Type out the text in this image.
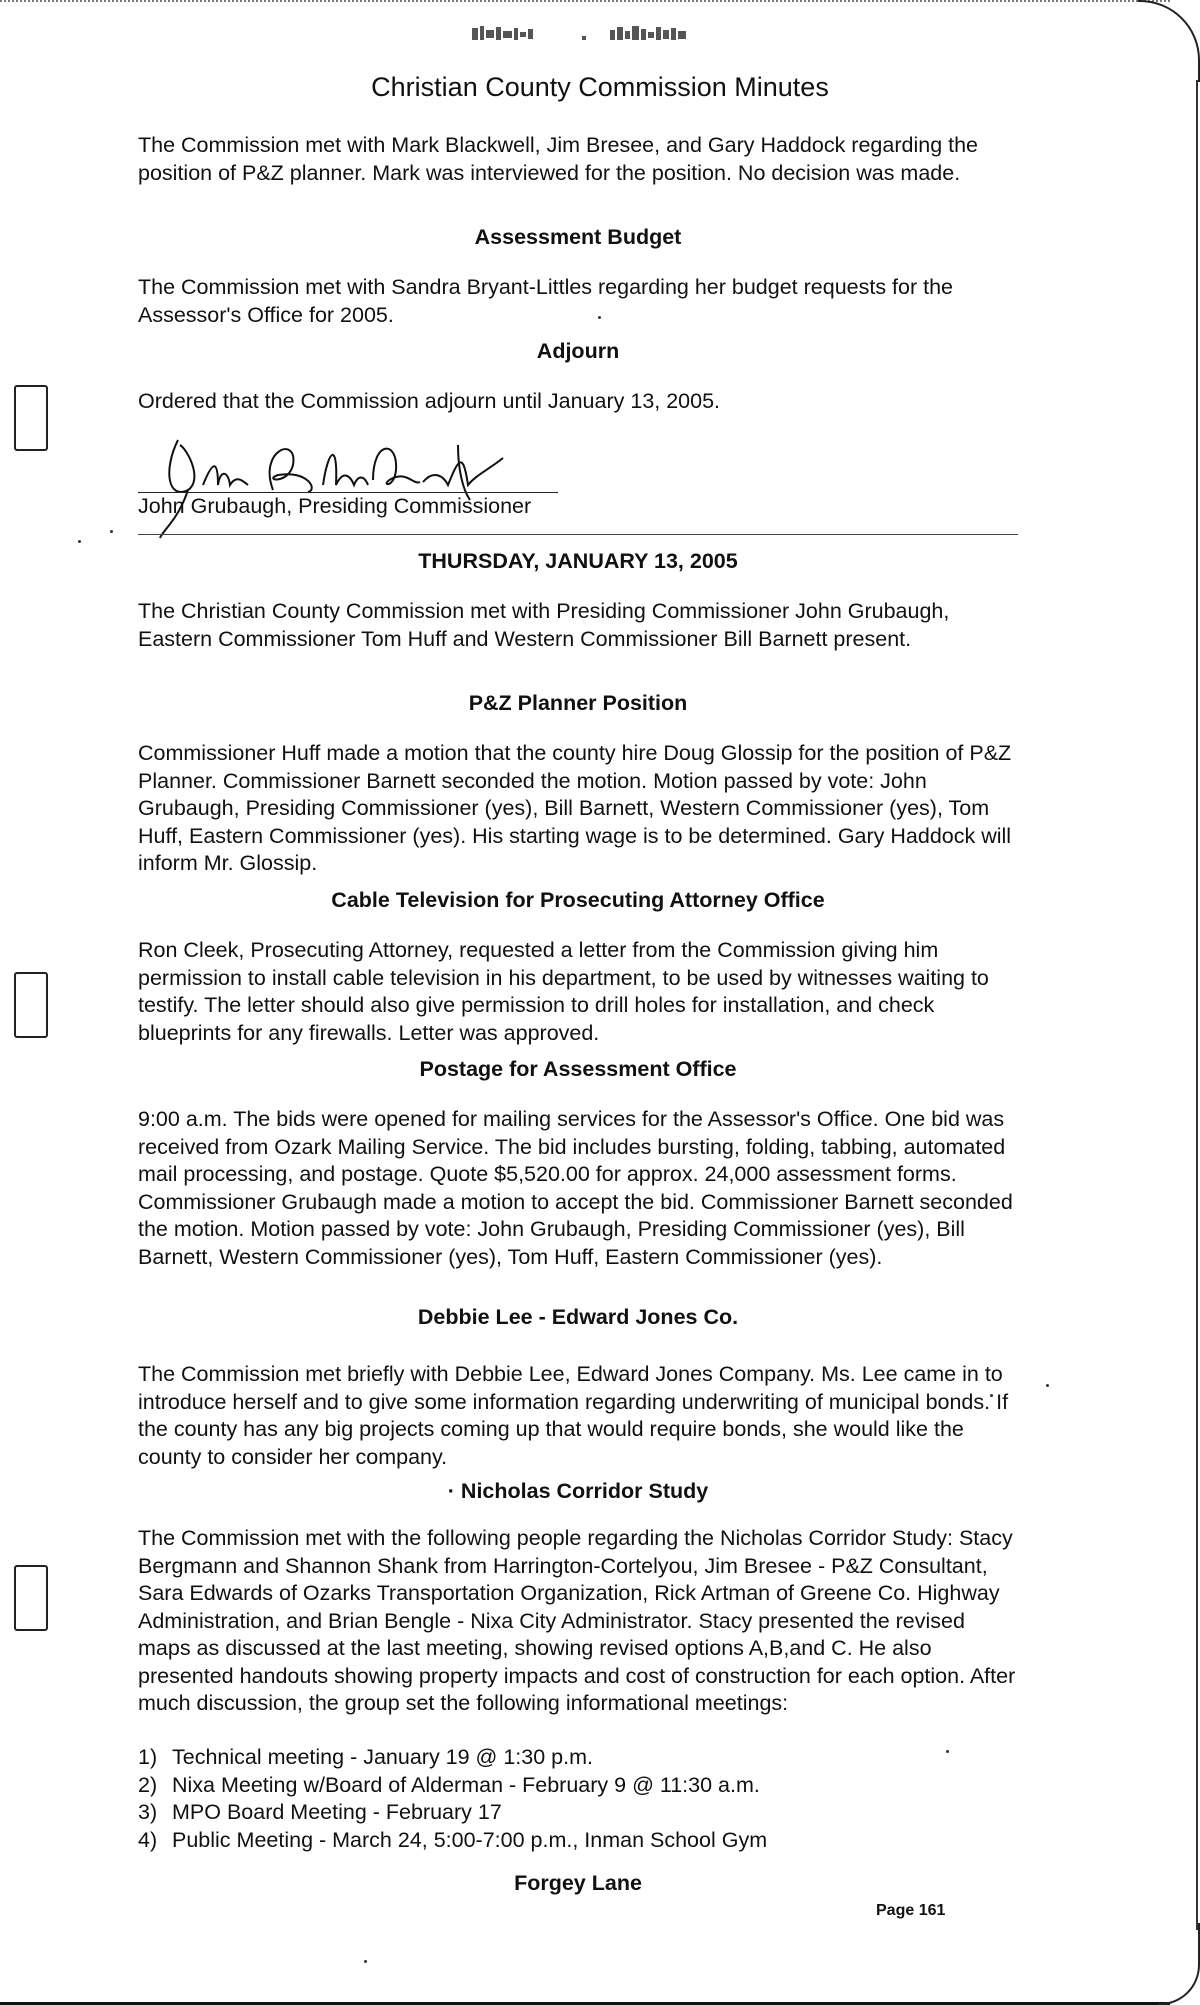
Christian County Commission Minutes

The Commission met with Mark Blackwell, Jim Bresee, and Gary Haddock regarding the position of P&Z planner. Mark was interviewed for the position. No decision was made.

Assessment Budget

The Commission met with Sandra Bryant-Littles regarding her budget requests for the Assessor's Office for 2005.

Adjourn

Ordered that the Commission adjourn until January 13, 2005.

John Grubaugh, Presiding Commissioner
THURSDAY, JANUARY 13, 2005

The Christian County Commission met with Presiding Commissioner John Grubaugh, Eastern Commissioner Tom Huff and Western Commissioner Bill Barnett present.

P&Z Planner Position

Commissioner Huff made a motion that the county hire Doug Glossip for the position of P&Z Planner. Commissioner Barnett seconded the motion. Motion passed by vote: John Grubaugh, Presiding Commissioner (yes), Bill Barnett, Western Commissioner (yes), Tom Huff, Eastern Commissioner (yes). His starting wage is to be determined. Gary Haddock will inform Mr. Glossip.

Cable Television for Prosecuting Attorney Office

Ron Cleek, Prosecuting Attorney, requested a letter from the Commission giving him permission to install cable television in his department, to be used by witnesses waiting to testify. The letter should also give permission to drill holes for installation, and check blueprints for any firewalls. Letter was approved.

Postage for Assessment Office

9:00 a.m. The bids were opened for mailing services for the Assessor's Office. One bid was received from Ozark Mailing Service. The bid includes bursting, folding, tabbing, automated mail processing, and postage. Quote $5,520.00 for approx. 24,000 assessment forms. Commissioner Grubaugh made a motion to accept the bid. Commissioner Barnett seconded the motion. Motion passed by vote: John Grubaugh, Presiding Commissioner (yes), Bill Barnett, Western Commissioner (yes), Tom Huff, Eastern Commissioner (yes).

Debbie Lee - Edward Jones Co.

The Commission met briefly with Debbie Lee, Edward Jones Company. Ms. Lee came in to introduce herself and to give some information regarding underwriting of municipal bonds. If the county has any big projects coming up that would require bonds, she would like the county to consider her company.

· Nicholas Corridor Study

The Commission met with the following people regarding the Nicholas Corridor Study: Stacy Bergmann and Shannon Shank from Harrington-Cortelyou, Jim Bresee - P&Z Consultant, Sara Edwards of Ozarks Transportation Organization, Rick Artman of Greene Co. Highway Administration, and Brian Bengle - Nixa City Administrator. Stacy presented the revised maps as discussed at the last meeting, showing revised options A,B,and C. He also presented handouts showing property impacts and cost of construction for each option. After much discussion, the group set the following informational meetings:

1) Technical meeting - January 19 @ 1:30 p.m.
2) Nixa Meeting w/Board of Alderman - February 9 @ 11:30 a.m.
3) MPO Board Meeting - February 17
4) Public Meeting - March 24, 5:00-7:00 p.m., Inman School Gym
Forgey Lane
Page 161
